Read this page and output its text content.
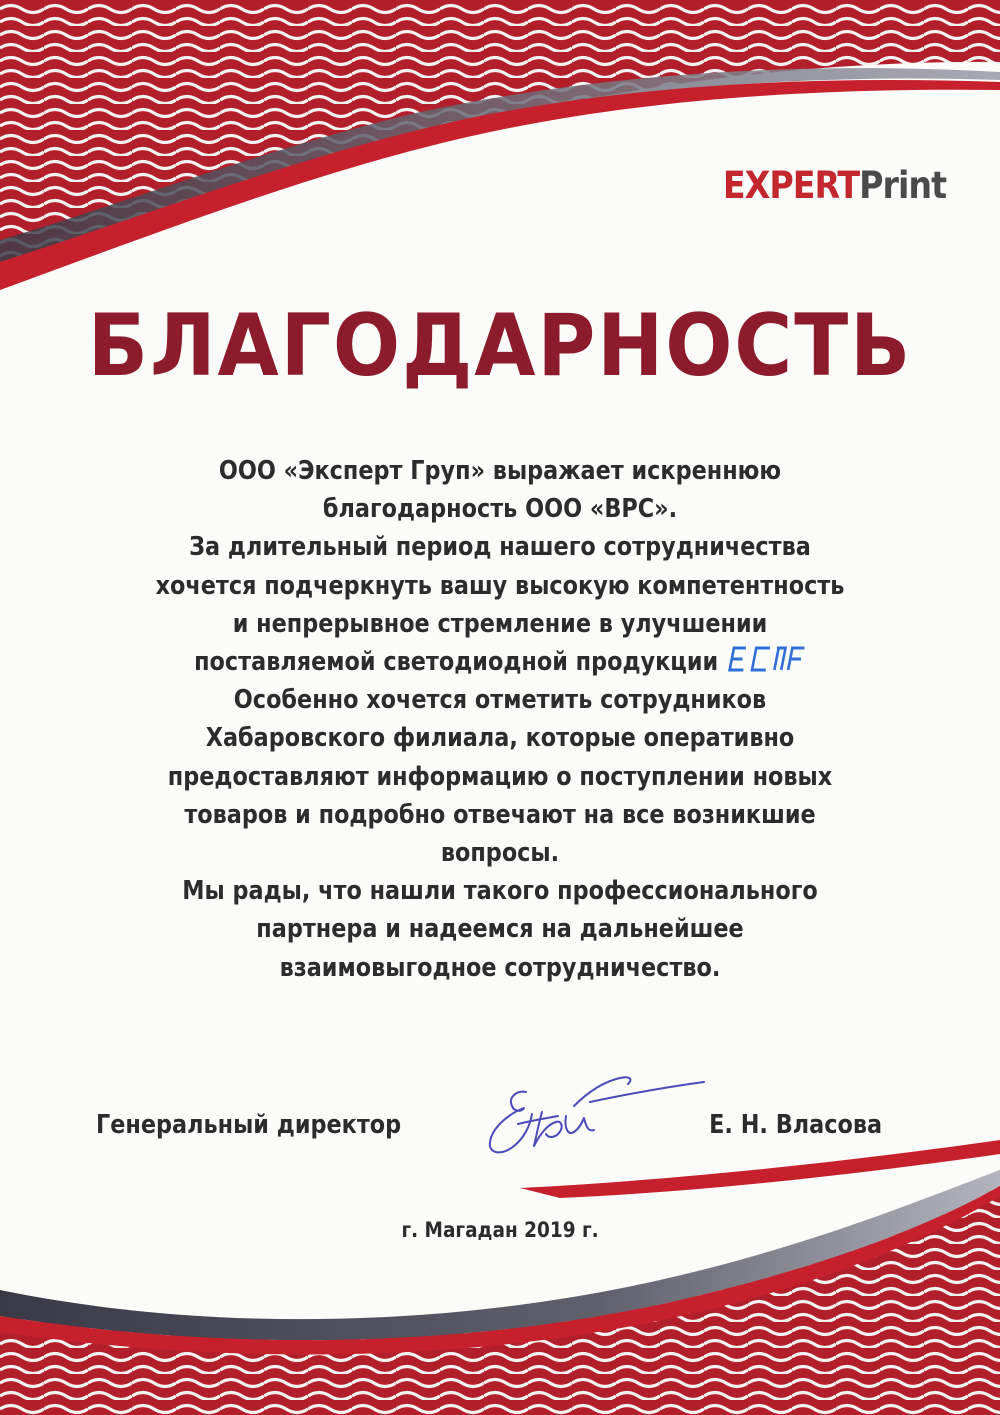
EXPERTPrint
БЛАГОДАРНОСТЬ
ООО «Эксперт Груп» выражает искреннюю
благодарность ООО «ВРС».
За длительный период нашего сотрудничества
хочется подчеркнуть вашу высокую компетентность
и непрерывное стремление в улучшении
поставляемой светодиодной продукции
Особенно хочется отметить сотрудников
Хабаровского филиала, которые оперативно
предоставляют информацию о поступлении новых
товаров и подробно отвечают на все возникшие
вопросы.
Мы рады, что нашли такого профессионального
партнера и надеемся на дальнейшее
взаимовыгодное сотрудничество.
Генеральный директор	Е. Н. Власова
г. Магадан 2019 г.
